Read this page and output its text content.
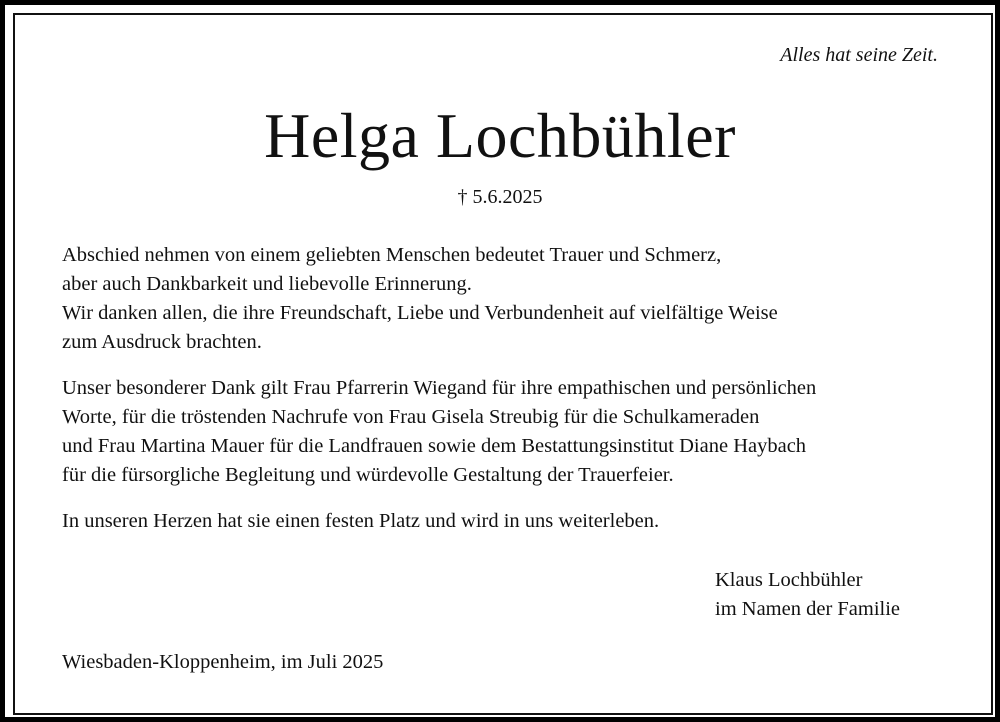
Alles hat seine Zeit.
Helga Lochbühler
† 5.6.2025
Abschied nehmen von einem geliebten Menschen bedeutet Trauer und Schmerz,
aber auch Dankbarkeit und liebevolle Erinnerung.
Wir danken allen, die ihre Freundschaft, Liebe und Verbundenheit auf vielfältige Weise
zum Ausdruck brachten.
Unser besonderer Dank gilt Frau Pfarrerin Wiegand für ihre empathischen und persönlichen
Worte, für die tröstenden Nachrufe von Frau Gisela Streubig für die Schulkameraden
und Frau Martina Mauer für die Landfrauen sowie dem Bestattungsinstitut Diane Haybach
für die fürsorgliche Begleitung und würdevolle Gestaltung der Trauerfeier.
In unseren Herzen hat sie einen festen Platz und wird in uns weiterleben.
Klaus Lochbühler
im Namen der Familie
Wiesbaden-Kloppenheim, im Juli 2025
